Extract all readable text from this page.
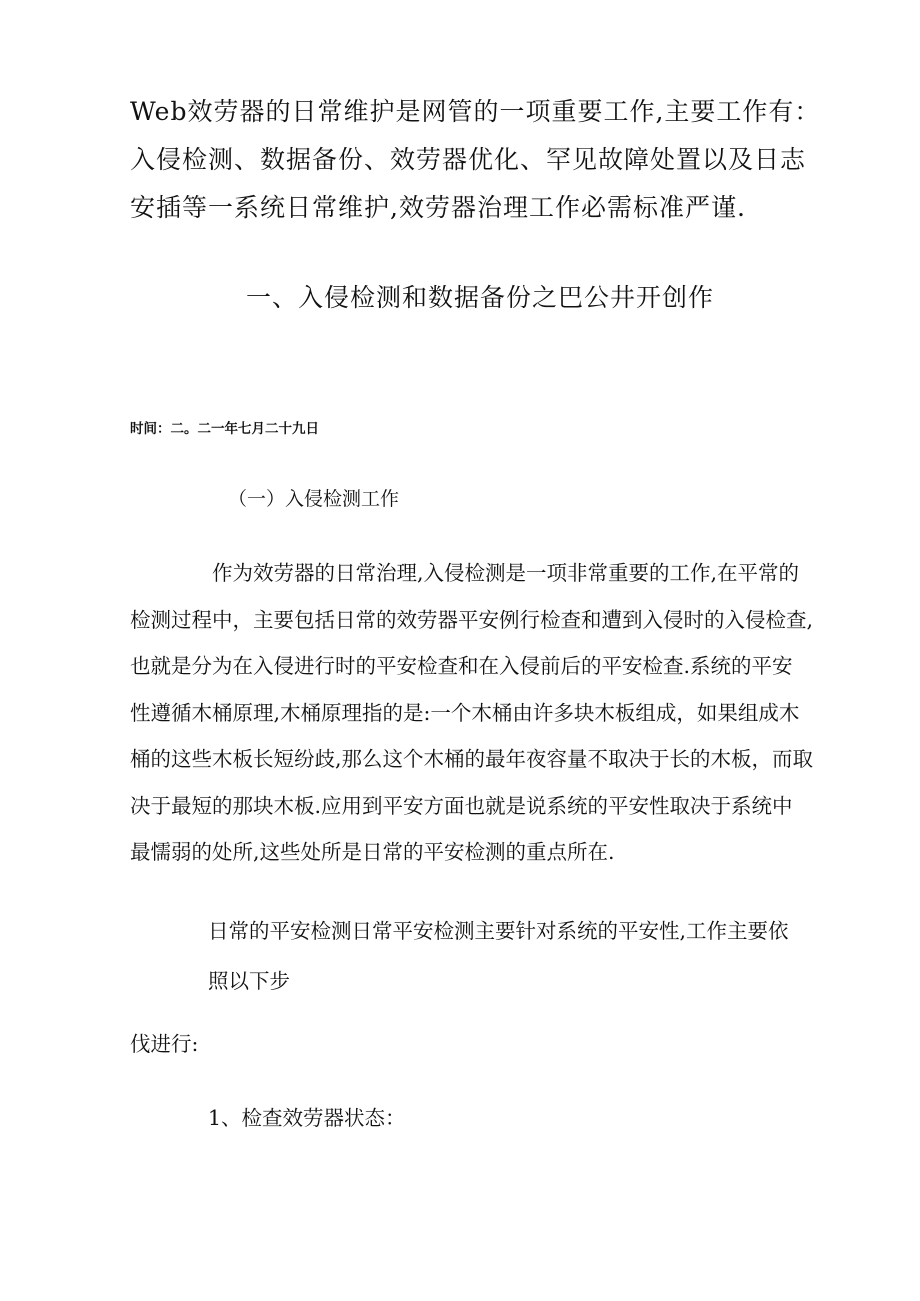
Web效劳器的日常维护是网管的一项重要工作,主要工作有：

入侵检测、数据备份、效劳器优化、罕见故障处置以及日志

安插等一系统日常维护,效劳器治理工作必需标准严谨.

一、入侵检测和数据备份之巴公井开创作
时间：二。二一年七月二十九日
（一）入侵检测工作

作为效劳器的日常治理,入侵检测是一项非常重要的工作,在平常的

检测过程中，主要包括日常的效劳器平安例行检查和遭到入侵时的入侵检查,

也就是分为在入侵进行时的平安检查和在入侵前后的平安检查.系统的平安

性遵循木桶原理,木桶原理指的是:一个木桶由许多块木板组成，如果组成木

桶的这些木板长短纷歧,那么这个木桶的最年夜容量不取决于长的木板，而取

决于最短的那块木板.应用到平安方面也就是说系统的平安性取决于系统中

最懦弱的处所,这些处所是日常的平安检测的重点所在.

日常的平安检测日常平安检测主要针对系统的平安性,工作主要依

照以下步

伐进行:
1、检查效劳器状态：
